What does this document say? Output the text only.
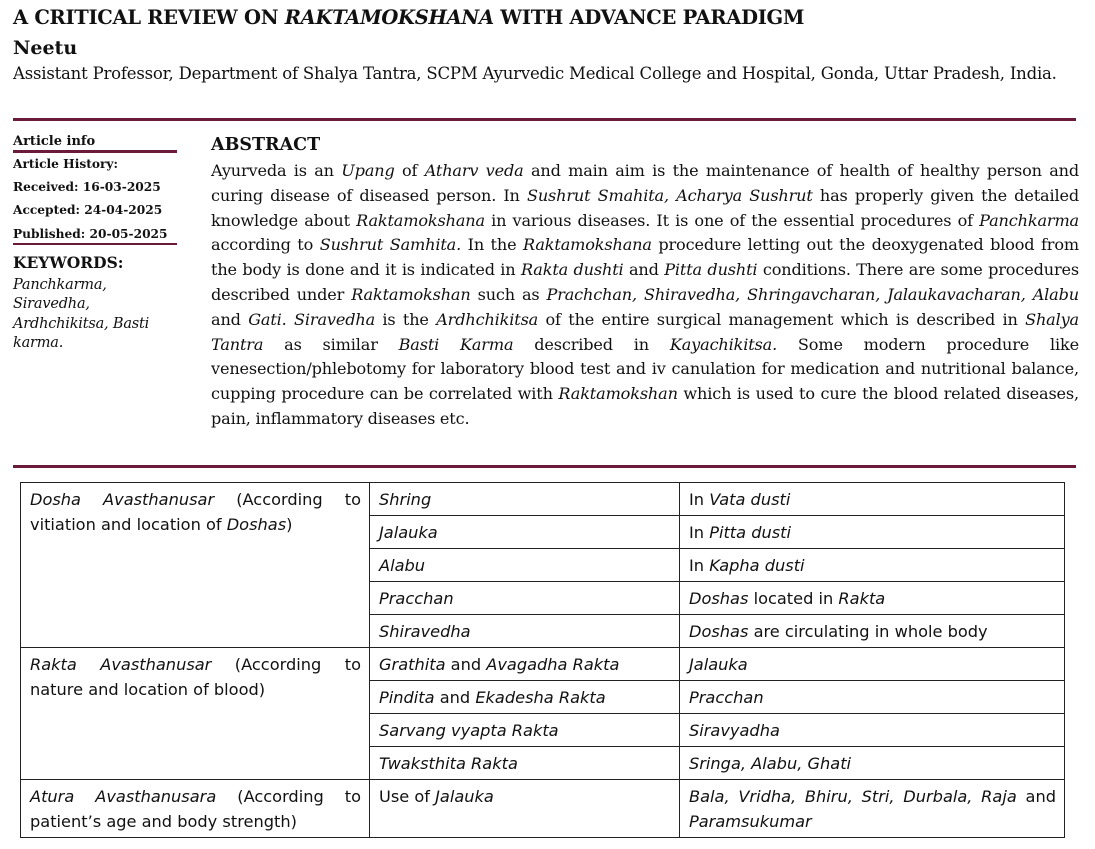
A CRITICAL REVIEW ON RAKTAMOKSHANA WITH ADVANCE PARADIGM
Neetu
Assistant Professor, Department of Shalya Tantra, SCPM Ayurvedic Medical College and Hospital, Gonda, Uttar Pradesh, India.
Article info
Article History:
Received: 16-03-2025
Accepted: 24-04-2025
Published: 20-05-2025
KEYWORDS:
Panchkarma, Siravedha, Ardhchikitsa, Basti karma.
ABSTRACT

Ayurveda is an Upang of Atharv veda and main aim is the maintenance of health of healthy person and curing disease of diseased person. In Sushrut Smahita, Acharya Sushrut has properly given the detailed knowledge about Raktamokshana in various diseases. It is one of the essential procedures of Panchkarma according to Sushrut Samhita. In the Raktamokshana procedure letting out the deoxygenated blood from the body is done and it is indicated in Rakta dushti and Pitta dushti conditions. There are some procedures described under Raktamokshan such as Prachchan, Shiravedha, Shringavcharan, Jalaukavacharan, Alabu and Gati. Siravedha is the Ardhchikitsa of the entire surgical management which is described in Shalya Tantra as similar Basti Karma described in Kayachikitsa. Some modern procedure like venesection/phlebotomy for laboratory blood test and iv canulation for medication and nutritional balance, cupping procedure can be correlated with Raktamokshan which is used to cure the blood related diseases, pain, inflammatory diseases etc.

Dosha Avasthanusar (According to vitiation and location of Doshas)	Shring	In Vata dusti
	Jalauka	In Pitta dusti
	Alabu	In Kapha dusti
	Pracchan	Doshas located in Rakta
	Shiravedha	Doshas are circulating in whole body
Rakta Avasthanusar (According to nature and location of blood)	Grathita and Avagadha Rakta	Jalauka
	Pindita and Ekadesha Rakta	Pracchan
	Sarvang vyapta Rakta	Siravyadha
	Twaksthita Rakta	Sringa, Alabu, Ghati
Atura Avasthanusara (According to patient’s age and body strength)	Use of Jalauka	Bala, Vridha, Bhiru, Stri, Durbala, Raja and Paramsukumar
